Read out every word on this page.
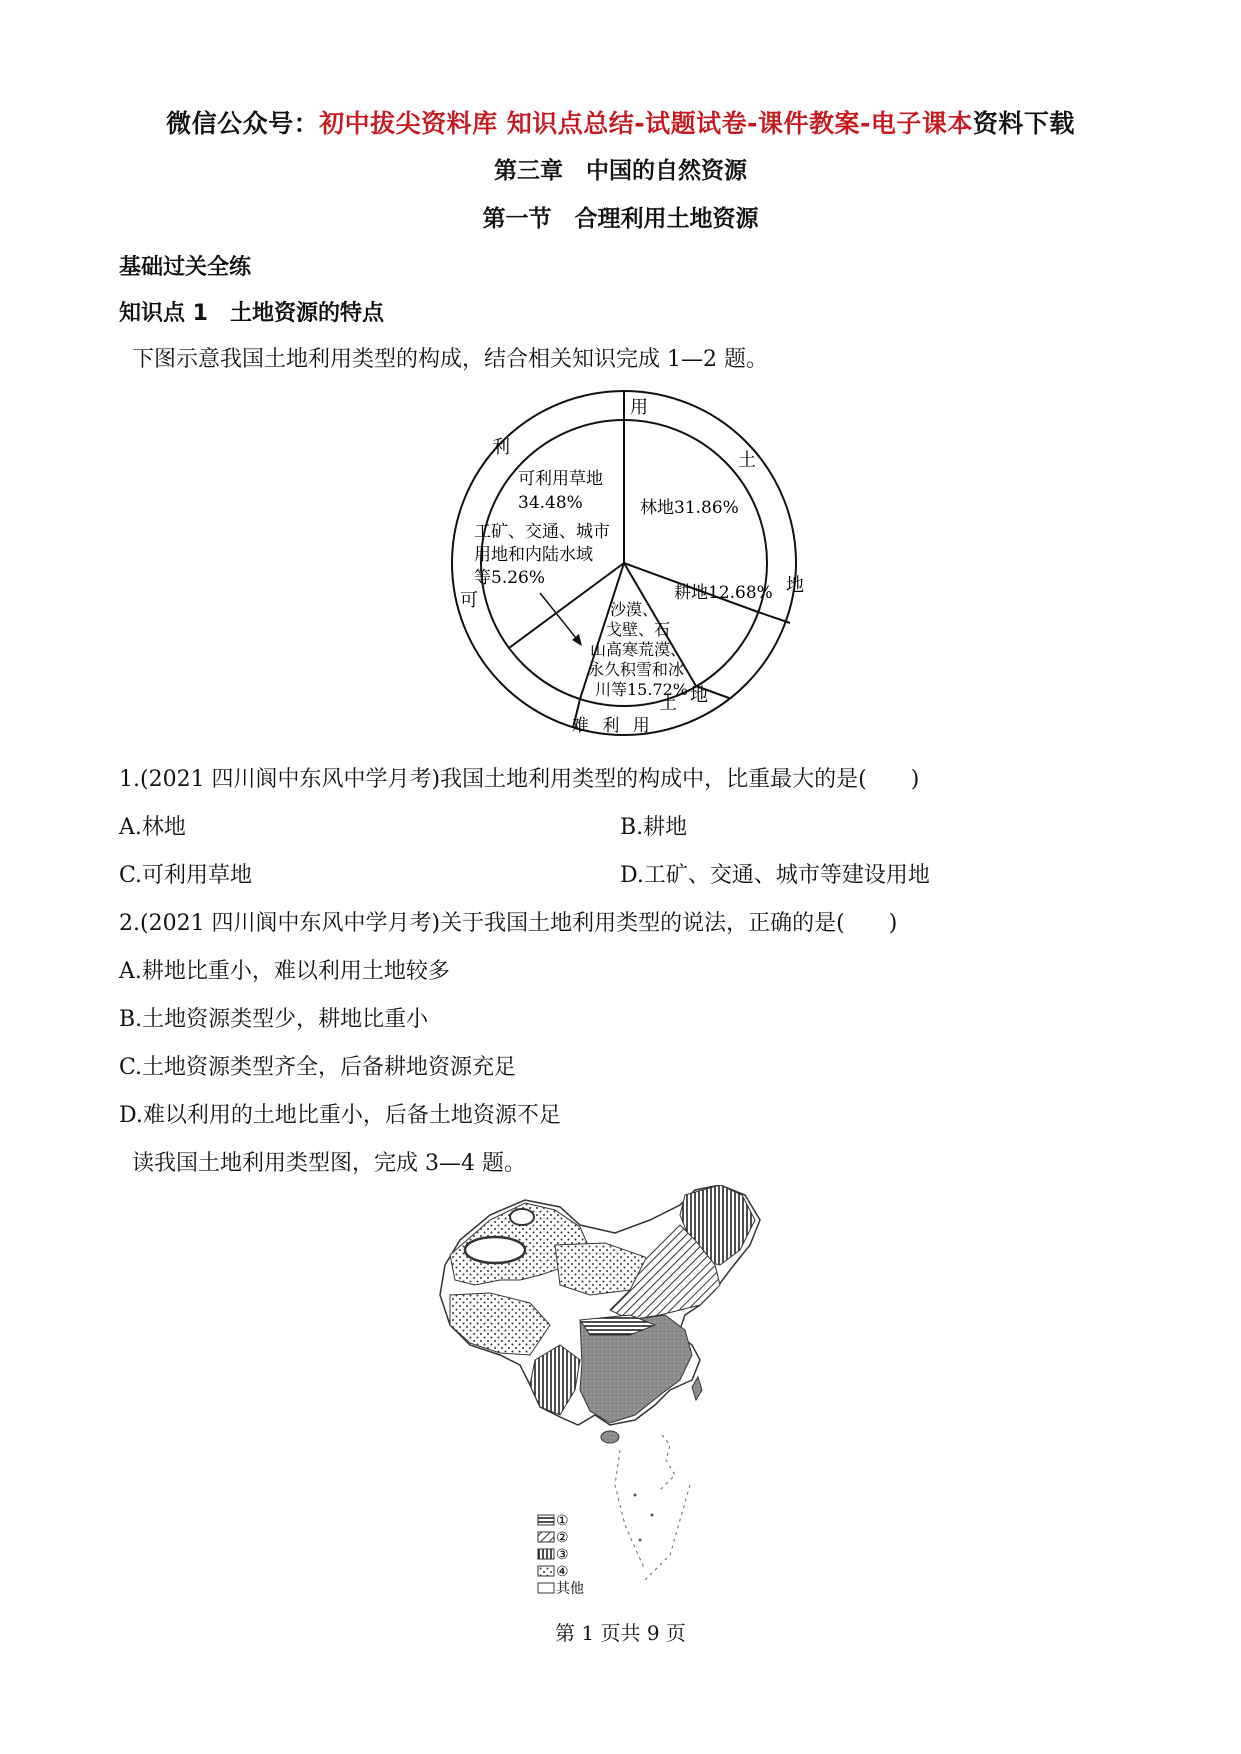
微信公众号：初中拔尖资料库 知识点总结-试题试卷-课件教案-电子课本资料下载
第三章　中国的自然资源
第一节　合理利用土地资源
基础过关全练
知识点 1　土地资源的特点
下图示意我国土地利用类型的构成，结合相关知识完成 1—2 题。
用
土
地
土 地
利
可
难 利 用
林地31.86%
耕地12.68%
沙漠、 戈壁、石 山高寒荒漠、 永久积雪和冰 川等15.72%
工矿、交通、城市 用地和内陆水域 等5.26%
可利用草地 34.48%
1.(2021 四川阆中东风中学月考)我国土地利用类型的构成中，比重最大的是(　　)
A.林地	B.耕地
C.可利用草地	D.工矿、交通、城市等建设用地
2.(2021 四川阆中东风中学月考)关于我国土地利用类型的说法，正确的是(　　)
A.耕地比重小，难以利用土地较多
B.土地资源类型少，耕地比重小
C.土地资源类型齐全，后备耕地资源充足
D.难以利用的土地比重小，后备土地资源不足
读我国土地利用类型图，完成 3—4 题。
①
②
③
④
其他
第 1 页共 9 页
